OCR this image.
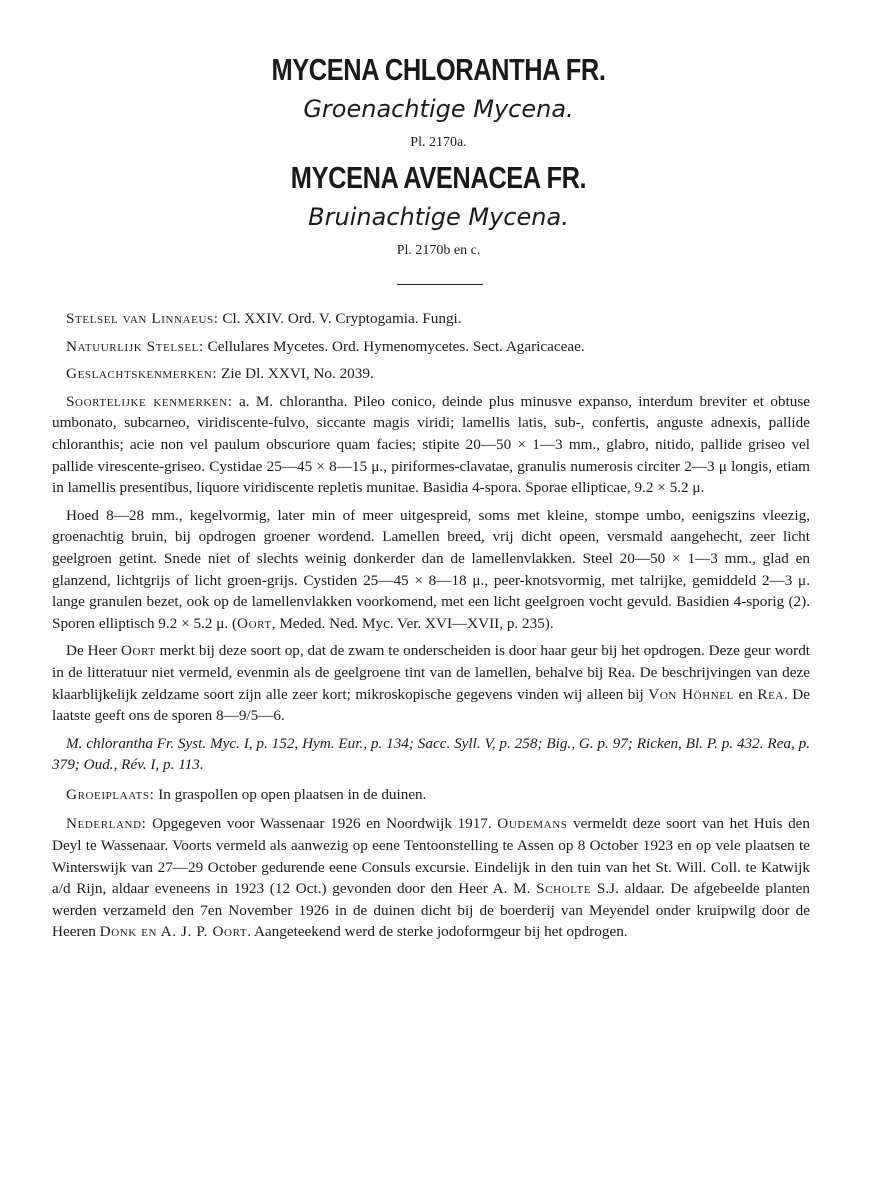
MYCENA CHLORANTHA FR.
Groenachtige Mycena.
Pl. 2170a.
MYCENA AVENACEA FR.
Bruinachtige Mycena.
Pl. 2170b en c.

Stelsel van Linnaeus: Cl. XXIV. Ord. V. Cryptogamia. Fungi.

Natuurlijk Stelsel: Cellulares Mycetes. Ord. Hymenomycetes. Sect. Agaricaceae.

Geslachtskenmerken: Zie Dl. XXVI, No. 2039.

Soortelijke kenmerken: a. M. chlorantha. Pileo conico, deinde plus minusve expanso, interdum breviter et obtuse umbonato, subcarneo, viridiscente-fulvo, siccante magis viridi; lamellis latis, sub-, confertis, anguste adnexis, pallide chloranthis; acie non vel paulum obscuriore quam facies; stipite 20—50 × 1—3 mm., glabro, nitido, pallide griseo vel pallide virescente-griseo. Cystidae 25—45 × 8—15 μ., piriformes-clavatae, granulis numerosis circiter 2—3 μ longis, etiam in lamellis presentibus, liquore viridiscente repletis munitae. Basidia 4-spora. Sporae ellipticae, 9.2 × 5.2 μ.

Hoed 8—28 mm., kegelvormig, later min of meer uitgespreid, soms met kleine, stompe umbo, eenigszins vleezig, groenachtig bruin, bij opdrogen groener wordend. Lamellen breed, vrij dicht opeen, versmald aangehecht, zeer licht geelgroen getint. Snede niet of slechts weinig donkerder dan de lamellenvlakken. Steel 20—50 × 1—3 mm., glad en glanzend, lichtgrijs of licht groen-grijs. Cystiden 25—45 × 8—18 μ., peer-knotsvormig, met talrijke, gemiddeld 2—3 μ. lange granulen bezet, ook op de lamellenvlakken voorkomend, met een licht geelgroen vocht gevuld. Basidien 4-sporig (2). Sporen elliptisch 9.2 × 5.2 μ. (Oort, Meded. Ned. Myc. Ver. XVI—XVII, p. 235).

De Heer Oort merkt bij deze soort op, dat de zwam te onderscheiden is door haar geur bij het opdrogen. Deze geur wordt in de litteratuur niet vermeld, evenmin als de geelgroene tint van de lamellen, behalve bij Rea. De beschrijvingen van deze klaarblijkelijk zeldzame soort zijn alle zeer kort; mikroskopische gegevens vinden wij alleen bij Von Höhnel en Rea. De laatste geeft ons de sporen 8—9/5—6.

M. chlorantha Fr. Syst. Myc. I, p. 152, Hym. Eur., p. 134; Sacc. Syll. V, p. 258; Big., G. p. 97; Ricken, Bl. P. p. 432. Rea, p. 379; Oud., Rév. I, p. 113.

Groeiplaats: In graspollen op open plaatsen in de duinen.

Nederland: Opgegeven voor Wassenaar 1926 en Noordwijk 1917. Oudemans vermeldt deze soort van het Huis den Deyl te Wassenaar. Voorts vermeld als aanwezig op eene Tentoonstelling te Assen op 8 October 1923 en op vele plaatsen te Winterswijk van 27—29 October gedurende eene Consuls excursie. Eindelijk in den tuin van het St. Will. Coll. te Katwijk a/d Rijn, aldaar eveneens in 1923 (12 Oct.) gevonden door den Heer A. M. Scholte S.J. aldaar. De afgebeelde planten werden verzameld den 7en November 1926 in de duinen dicht bij de boerderij van Meyendel onder kruipwilg door de Heeren Donk en A. J. P. Oort. Aangeteekend werd de sterke jodoformgeur bij het opdrogen.
